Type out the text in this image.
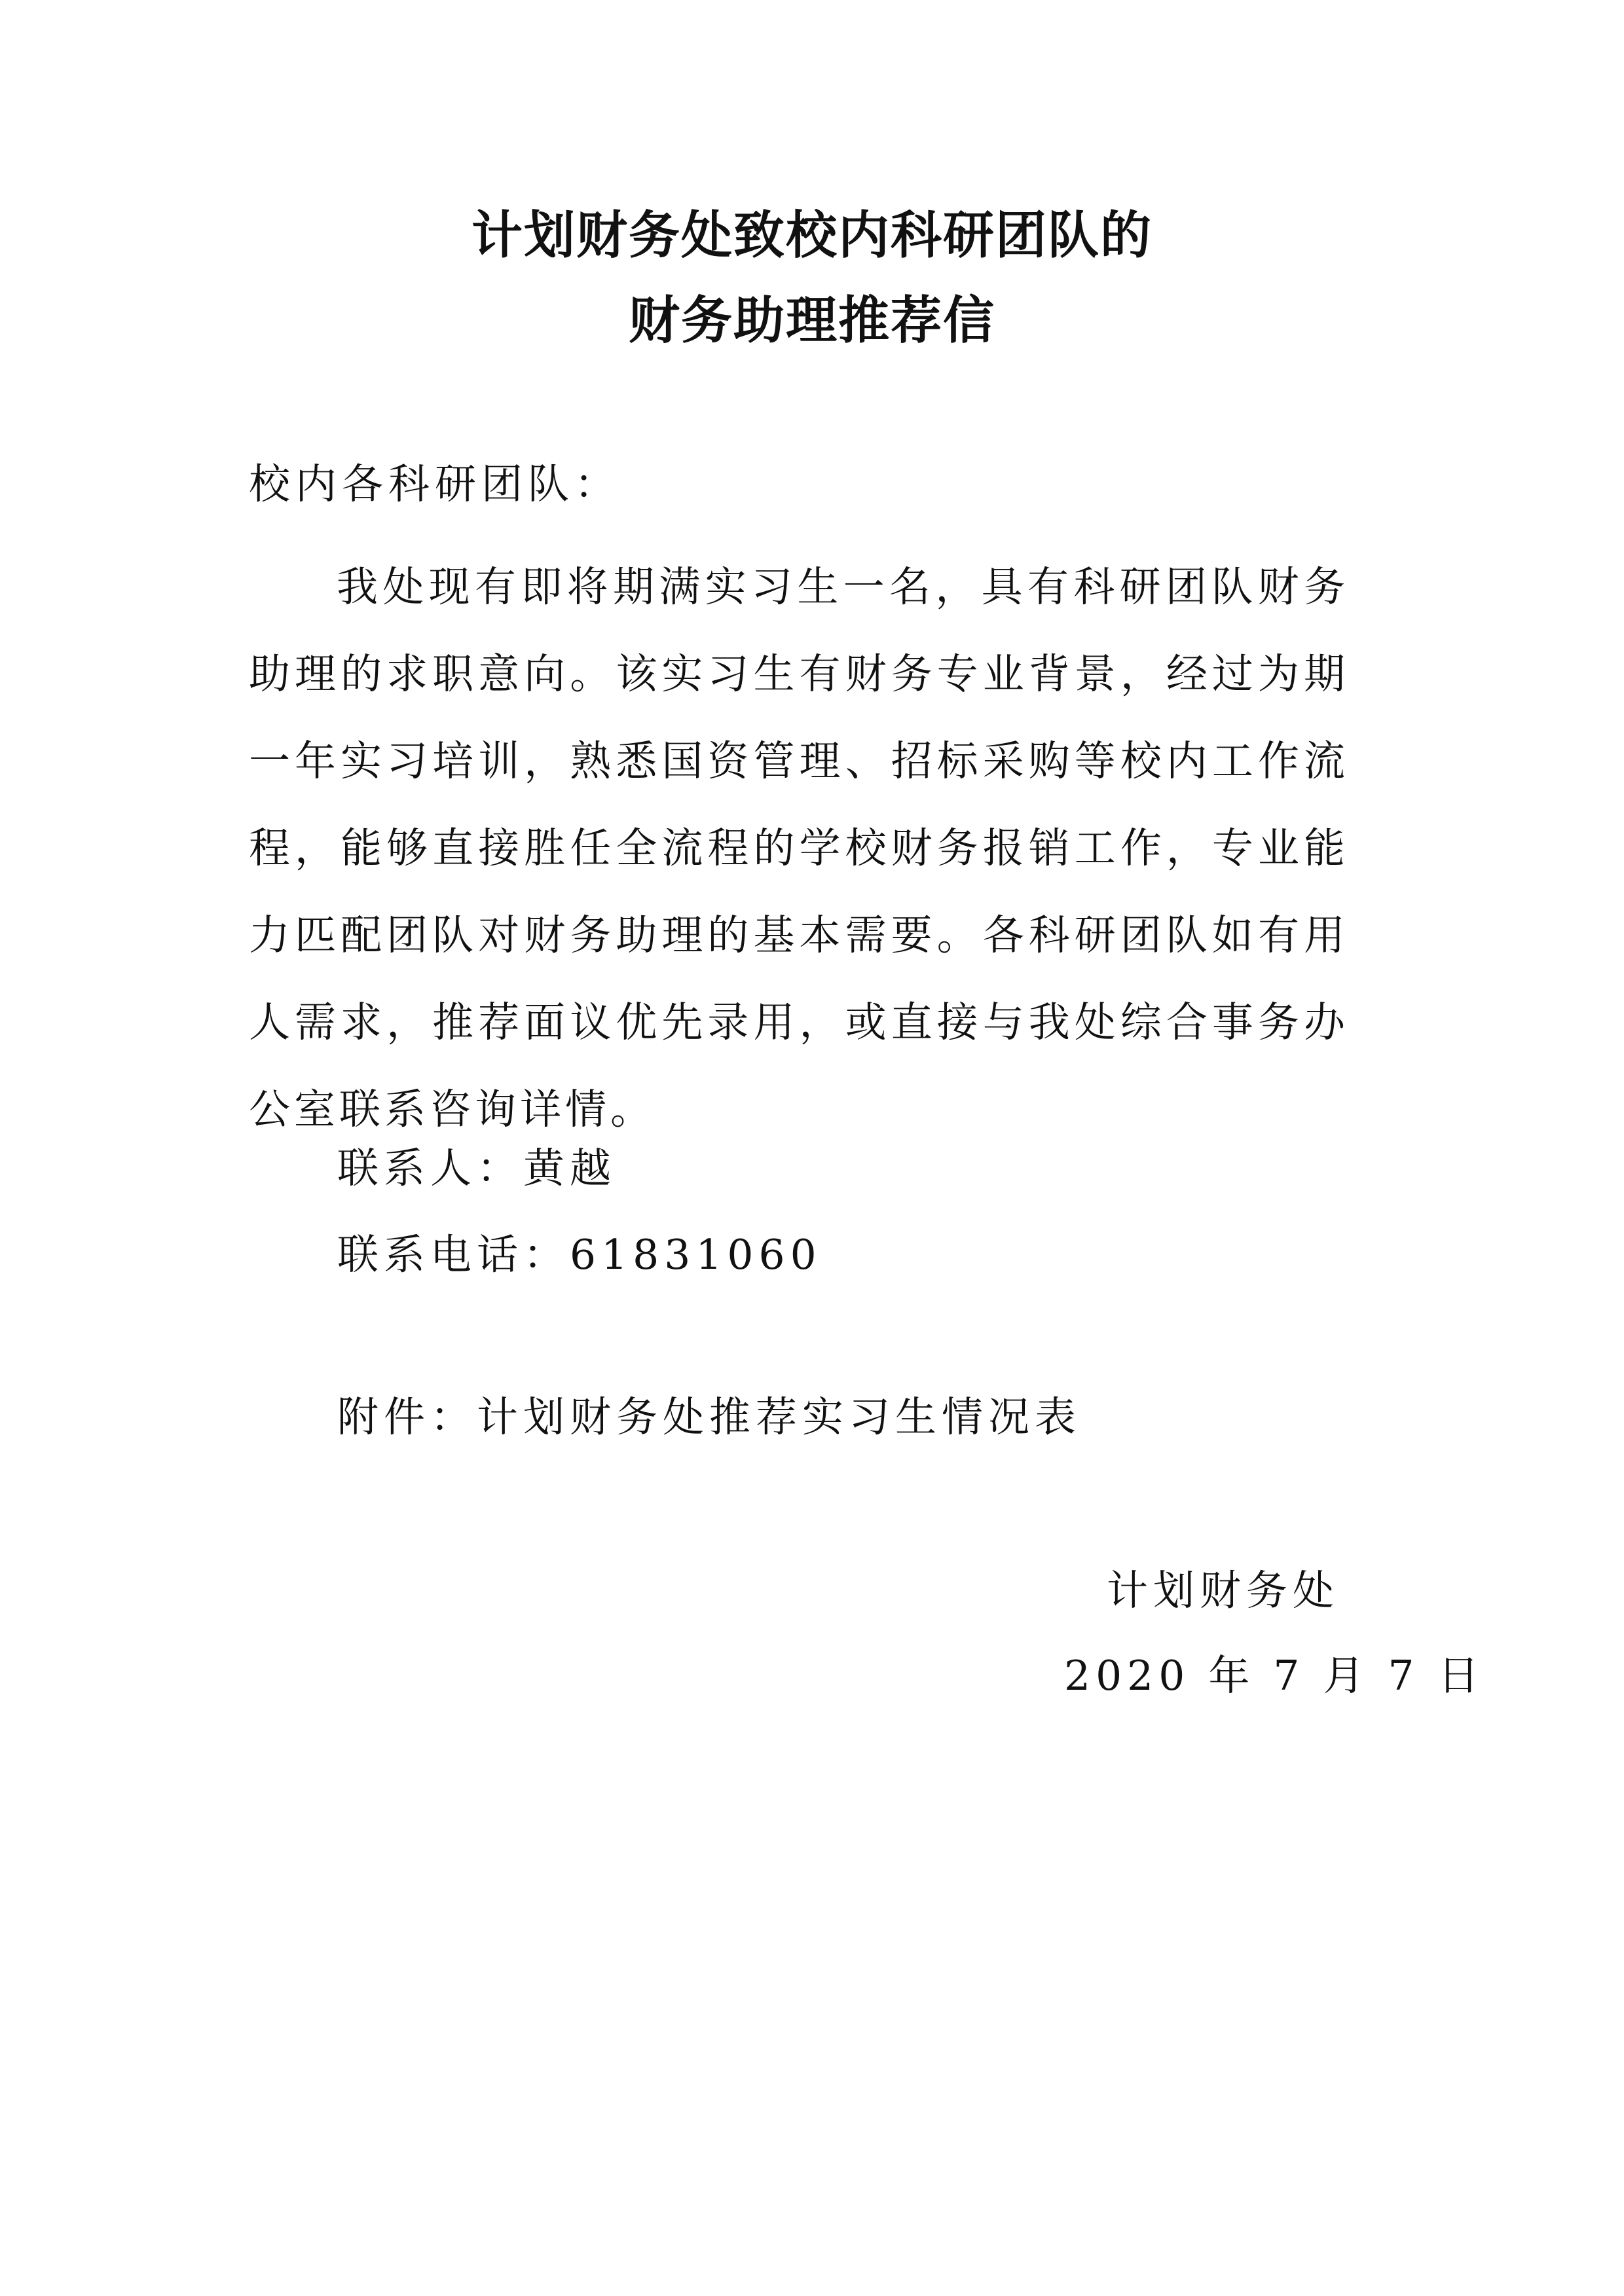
计划财务处致校内科研团队的
财务助理推荐信
校内各科研团队：
我处现有即将期满实习生一名，具有科研团队财务助理的求职意向。该实习生有财务专业背景，经过为期一年实习培训，熟悉国资管理、招标采购等校内工作流程，能够直接胜任全流程的学校财务报销工作，专业能力匹配团队对财务助理的基本需要。各科研团队如有用人需求，推荐面议优先录用，或直接与我处综合事务办公室联系咨询详情。
联系人：黄越
联系电话：61831060
附件：计划财务处推荐实习生情况表
计划财务处
2020 年 7 月 7 日
